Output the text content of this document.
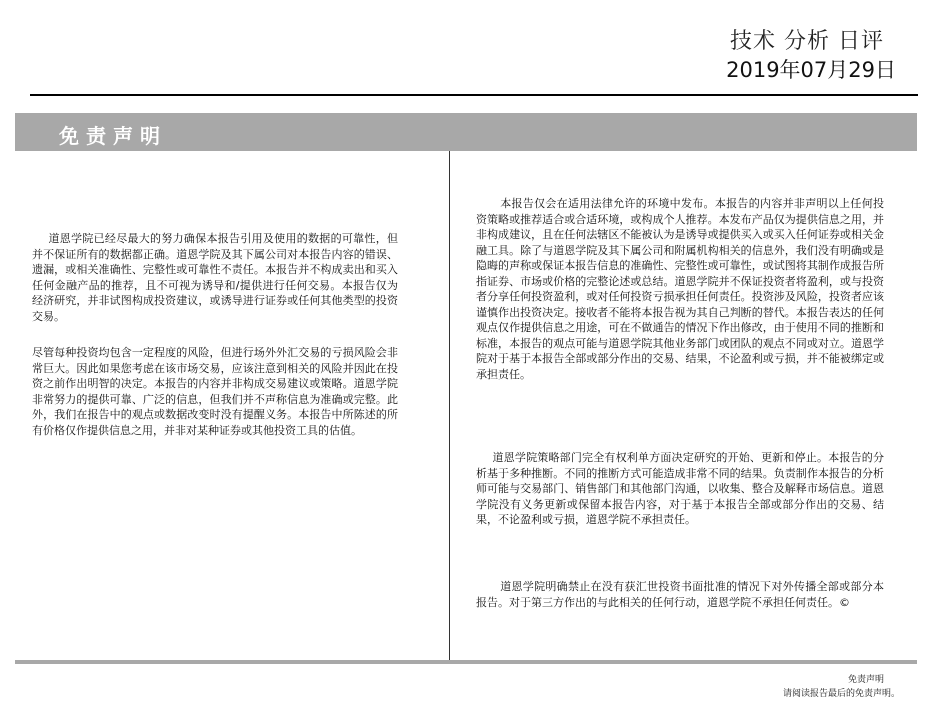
技术 分析 日评
2019年07月29日
免责声明

道恩学院已经尽最大的努力确保本报告引用及使用的数据的可靠性，但并不保证所有的数据都正确。道恩学院及其下属公司对本报告内容的错误、遗漏，或相关准确性、完整性或可靠性不责任。本报告并不构成卖出和买入任何金融产品的推荐，且不可视为诱导和/提供进行任何交易。本报告仅为经济研究，并非试图构成投资建议，或诱导进行证券或任何其他类型的投资交易。

尽管每种投资均包含一定程度的风险，但进行场外外汇交易的亏损风险会非常巨大。因此如果您考虑在该市场交易，应该注意到相关的风险并因此在投资之前作出明智的决定。本报告的内容并非构成交易建议或策略。道恩学院非常努力的提供可靠、广泛的信息，但我们并不声称信息为准确或完整。此外，我们在报告中的观点或数据改变时没有提醒义务。本报告中所陈述的所有价格仅作提供信息之用，并非对某种证券或其他投资工具的估值。

本报告仅会在适用法律允许的环境中发布。本报告的内容并非声明以上任何投资策略或推荐适合或合适环境，或构成个人推荐。本发布产品仅为提供信息之用，并非构成建议，且在任何法辖区不能被认为是诱导或提供买入或买入任何证券或相关金融工具。除了与道恩学院及其下属公司和附属机构相关的信息外，我们没有明确或是隐晦的声称或保证本报告信息的准确性、完整性或可靠性，或试图将其制作成报告所指证券、市场或价格的完整论述或总结。道恩学院并不保证投资者将盈利，或与投资者分享任何投资盈利，或对任何投资亏损承担任何责任。投资涉及风险，投资者应该谨慎作出投资决定。接收者不能将本报告视为其自己判断的替代。本报告表达的任何观点仅作提供信息之用途，可在不做通告的情况下作出修改，由于使用不同的推断和标准，本报告的观点可能与道恩学院其他业务部门或团队的观点不同或对立。道恩学院对于基于本报告全部或部分作出的交易、结果，不论盈利或亏损，并不能被绑定或承担责任。

道恩学院策略部门完全有权利单方面决定研究的开始、更新和停止。本报告的分析基于多种推断。不同的推断方式可能造成非常不同的结果。负责制作本报告的分析师可能与交易部门、销售部门和其他部门沟通，以收集、整合及解释市场信息。道恩学院没有义务更新或保留本报告内容，对于基于本报告全部或部分作出的交易、结果，不论盈利或亏损，道恩学院不承担责任。

道恩学院明确禁止在没有获汇世投资书面批准的情况下对外传播全部或部分本报告。对于第三方作出的与此相关的任何行动，道恩学院不承担任何责任。©

免责声明
请阅读报告最后的免责声明。
